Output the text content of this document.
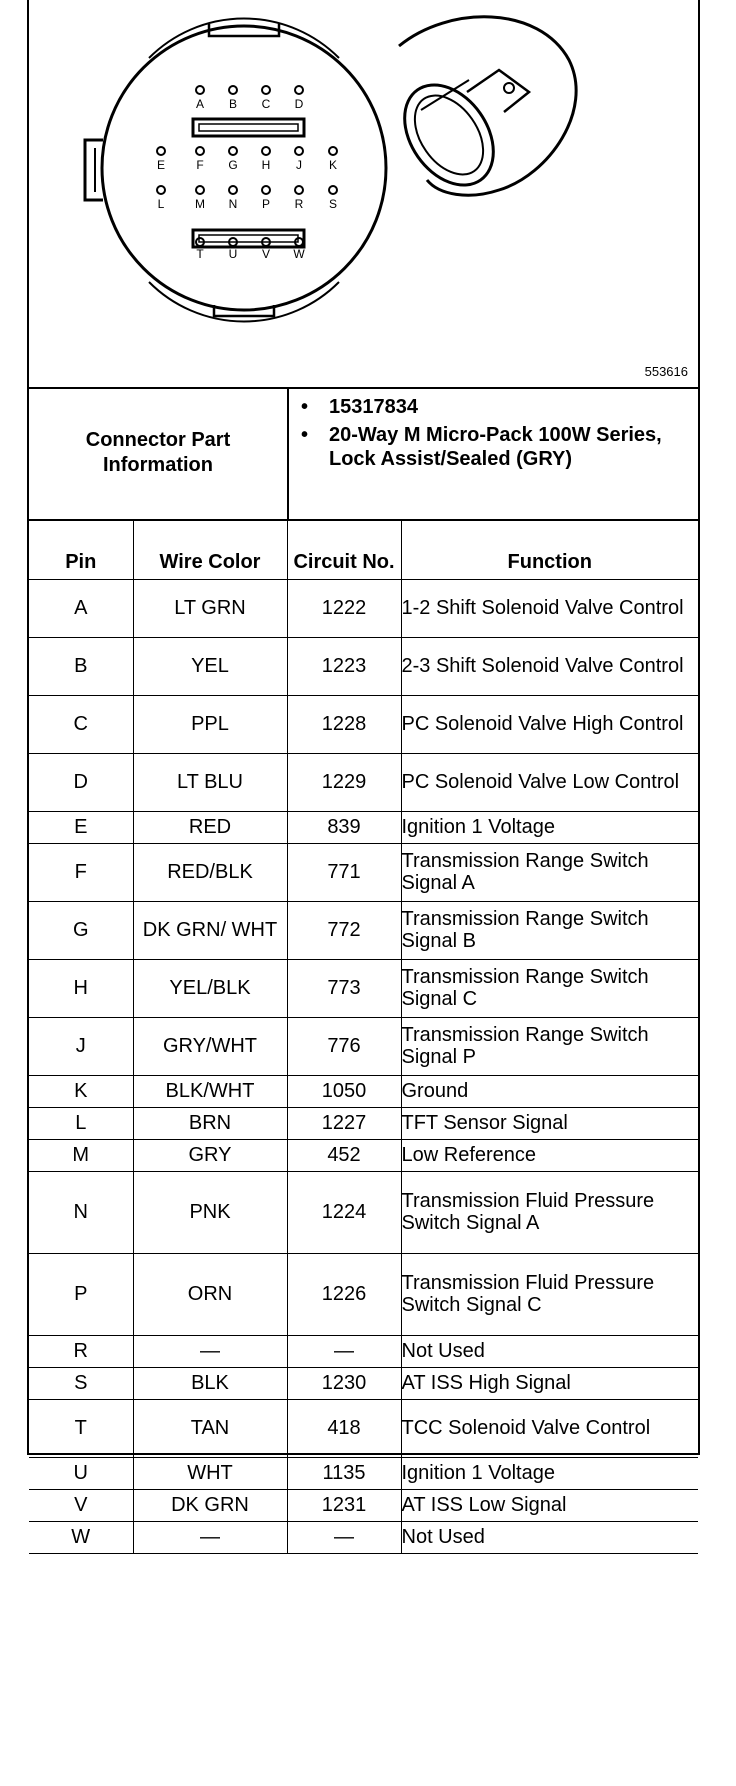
A B C D
E	F G H J K
L	M N P R S
T U V W
553616
Connector Part Information
•	15317834
•	20-Way M Micro-Pack 100W Series, Lock Assist/Sealed (GRY)
Pin	Wire Color	Circuit No.	Function
A	LT GRN	1222	1-2 Shift Solenoid Valve Control
B	YEL	1223	2-3 Shift Solenoid Valve Control
C	PPL	1228	PC Solenoid Valve High Control
D	LT BLU	1229	PC Solenoid Valve Low Control
E	RED	839	Ignition 1 Voltage
F	RED/BLK	771	Transmission Range Switch Signal A
G	DK GRN/ WHT	772	Transmission Range Switch Signal B
H	YEL/BLK	773	Transmission Range Switch Signal C
J	GRY/WHT	776	Transmission Range Switch Signal P
K	BLK/WHT	1050	Ground
L	BRN	1227	TFT Sensor Signal
M	GRY	452	Low Reference
N	PNK	1224	Transmission Fluid Pressure Switch Signal A
P	ORN	1226	Transmission Fluid Pressure Switch Signal C
R	—	—	Not Used
S	BLK	1230	AT ISS High Signal
T	TAN	418	TCC Solenoid Valve Control
U	WHT	1135	Ignition 1 Voltage
V	DK GRN	1231	AT ISS Low Signal
W	—	—	Not Used
